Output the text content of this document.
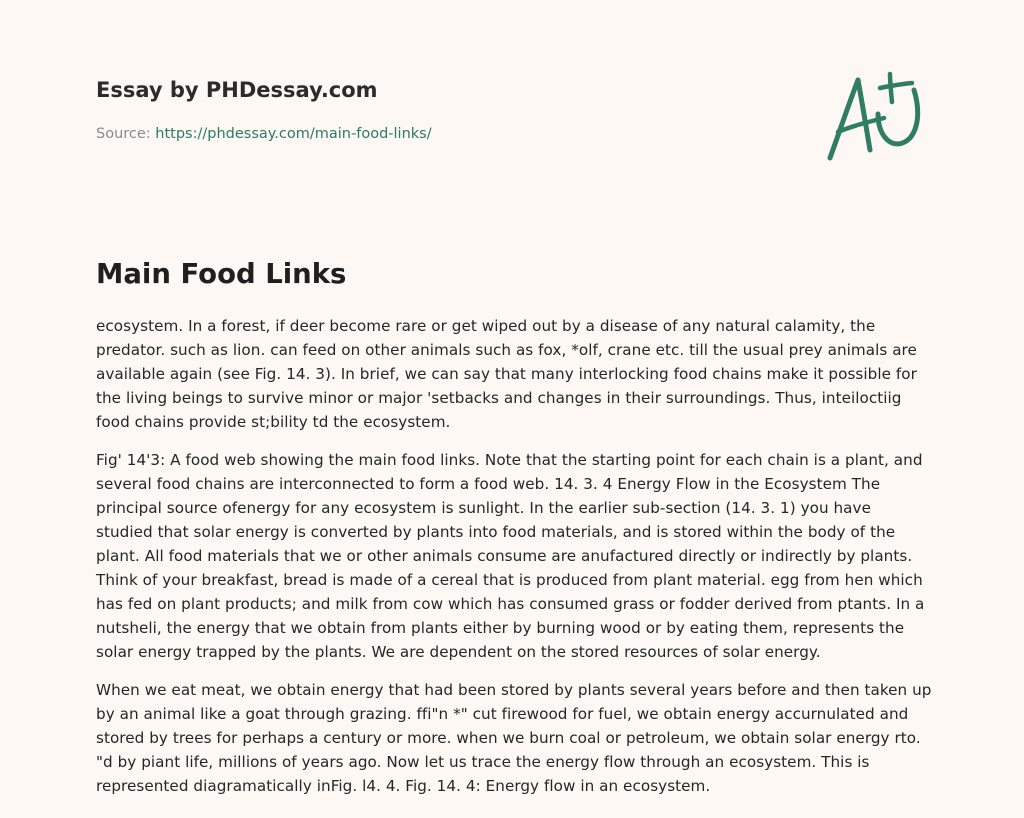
Essay by PHDessay.com
Source: https://phdessay.com/main-food-links/
Main Food Links

ecosystem. In a forest, if deer become rare or get wiped out by a disease of any natural calamity, the predator. such as lion. can feed on other animals such as fox, *olf, crane etc. till the usual prey animals are available again (see Fig. 14. 3). In brief, we can say that many interlocking food chains make it possible for the living beings to survive minor or major 'setbacks and changes in their surroundings. Thus, inteiloctiig food chains provide st;bility td the ecosystem.

Fig' 14'3: A food web showing the main food links. Note that the starting point for each chain is a plant, and several food chains are interconnected to form a food web. 14. 3. 4 Energy Flow in the Ecosystem The principal source ofenergy for any ecosystem is sunlight. In the earlier sub-section (14. 3. 1) you have studied that solar energy is converted by plants into food materials, and is stored within the body of the plant. All food materials that we or other animals consume are anufactured directly or indirectly by plants. Think of your breakfast, bread is made of a cereal that is produced from plant material. egg from hen which has fed on plant products; and milk from cow which has consumed grass or fodder derived from ptants. In a nutsheli, the energy that we obtain from plants either by burning wood or by eating them, represents the solar energy trapped by the plants. We are dependent on the stored resources of solar energy.

When we eat meat, we obtain energy that had been stored by plants several years before and then taken up by an animal like a goat through grazing. ffi"n *" cut firewood for fuel, we obtain energy accurnulated and stored by trees for perhaps a century or more. when we burn coal or petroleum, we obtain solar energy rto. "d by piant life, millions of years ago. Now let us trace the energy flow through an ecosystem. This is represented diagramatically inFig. l4. 4. Fig. 14. 4: Energy flow in an ecosystem.
